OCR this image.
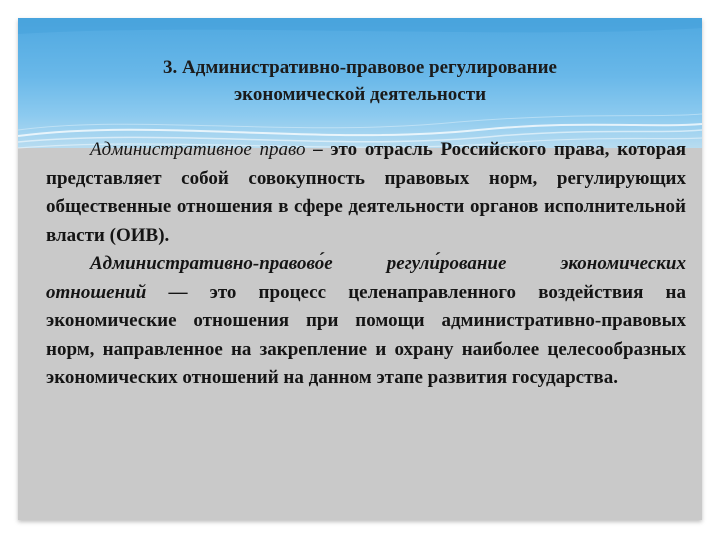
3. Административно-правовое регулирование
экономической деятельности

Административное право – это отрасль Российского права, которая представляет собой совокупность правовых норм, регулирующих общественные отношения в сфере деятельности органов исполнительной власти (ОИВ).

Административно-правово́е регули́рование экономических отношений — это процесс целенаправленного воздействия на экономические отношения при помощи административно-правовых норм, направленное на закрепление и охрану наиболее целесообразных экономических отношений на данном этапе развития государства.
